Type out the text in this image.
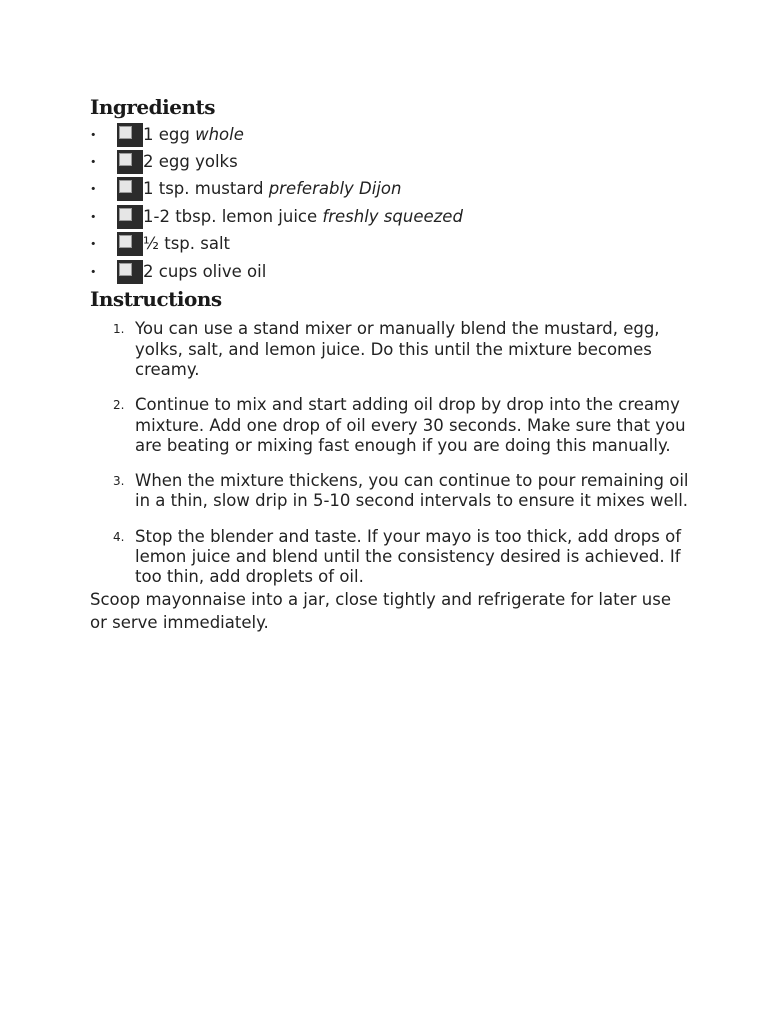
Ingredients
•	1 egg whole
•	2 egg yolks
•	1 tsp. mustard preferably Dijon
•	1-2 tbsp. lemon juice freshly squeezed
•	½ tsp. salt
•	2 cups olive oil
Instructions
1. You can use a stand mixer or manually blend the mustard, egg, yolks, salt, and lemon juice. Do this until the mixture becomes creamy.
2. Continue to mix and start adding oil drop by drop into the creamy mixture. Add one drop of oil every 30 seconds. Make sure that you are beating or mixing fast enough if you are doing this manually.
3. When the mixture thickens, you can continue to pour remaining oil in a thin, slow drip in 5-10 second intervals to ensure it mixes well.
4. Stop the blender and taste. If your mayo is too thick, add drops of lemon juice and blend until the consistency desired is achieved. If too thin, add droplets of oil.

Scoop mayonnaise into a jar, close tightly and refrigerate for later use or serve immediately.
